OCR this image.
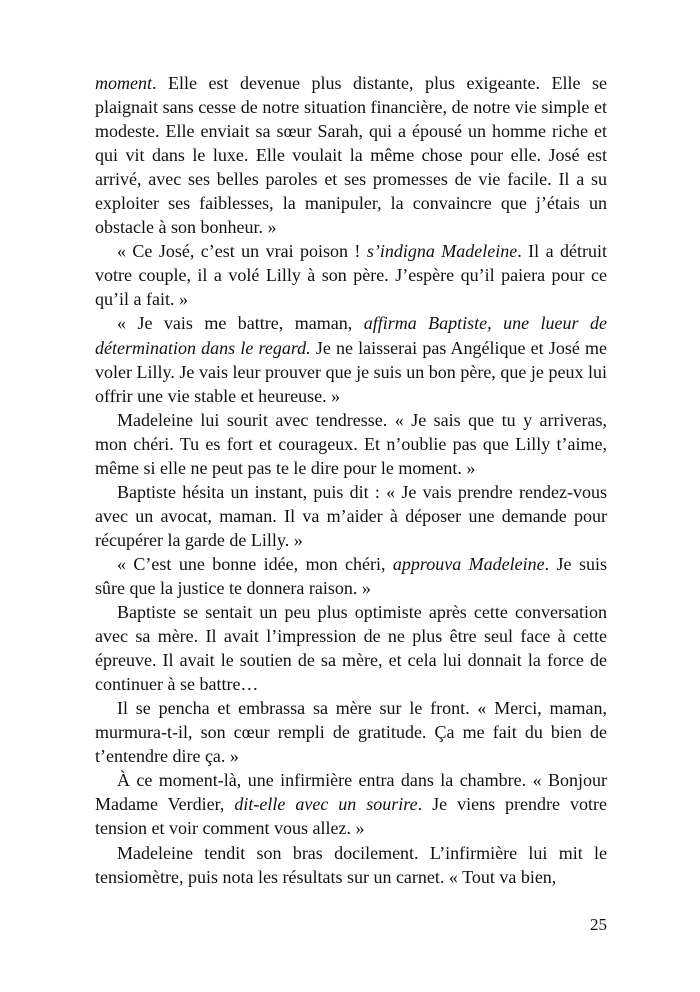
moment. Elle est devenue plus distante, plus exigeante. Elle se plaignait sans cesse de notre situation financière, de notre vie simple et modeste. Elle enviait sa sœur Sarah, qui a épousé un homme riche et qui vit dans le luxe. Elle voulait la même chose pour elle. José est arrivé, avec ses belles paroles et ses promesses de vie facile. Il a su exploiter ses faiblesses, la manipuler, la convaincre que j’étais un obstacle à son bonheur. »

« Ce José, c’est un vrai poison ! s’indigna Madeleine. Il a détruit votre couple, il a volé Lilly à son père. J’espère qu’il paiera pour ce qu’il a fait. »

« Je vais me battre, maman, affirma Baptiste, une lueur de détermination dans le regard. Je ne laisserai pas Angélique et José me voler Lilly. Je vais leur prouver que je suis un bon père, que je peux lui offrir une vie stable et heureuse. »

Madeleine lui sourit avec tendresse. « Je sais que tu y arriveras, mon chéri. Tu es fort et courageux. Et n’oublie pas que Lilly t’aime, même si elle ne peut pas te le dire pour le moment. »

Baptiste hésita un instant, puis dit : « Je vais prendre rendez-vous avec un avocat, maman. Il va m’aider à déposer une demande pour récupérer la garde de Lilly. »

« C’est une bonne idée, mon chéri, approuva Madeleine. Je suis sûre que la justice te donnera raison. »

Baptiste se sentait un peu plus optimiste après cette conversation avec sa mère. Il avait l’impression de ne plus être seul face à cette épreuve. Il avait le soutien de sa mère, et cela lui donnait la force de continuer à se battre…

Il se pencha et embrassa sa mère sur le front. « Merci, maman, murmura-t-il, son cœur rempli de gratitude. Ça me fait du bien de t’entendre dire ça. »

À ce moment-là, une infirmière entra dans la chambre. « Bonjour Madame Verdier, dit-elle avec un sourire. Je viens prendre votre tension et voir comment vous allez. »

Madeleine tendit son bras docilement. L’infirmière lui mit le tensiomètre, puis nota les résultats sur un carnet. « Tout va bien,

25
